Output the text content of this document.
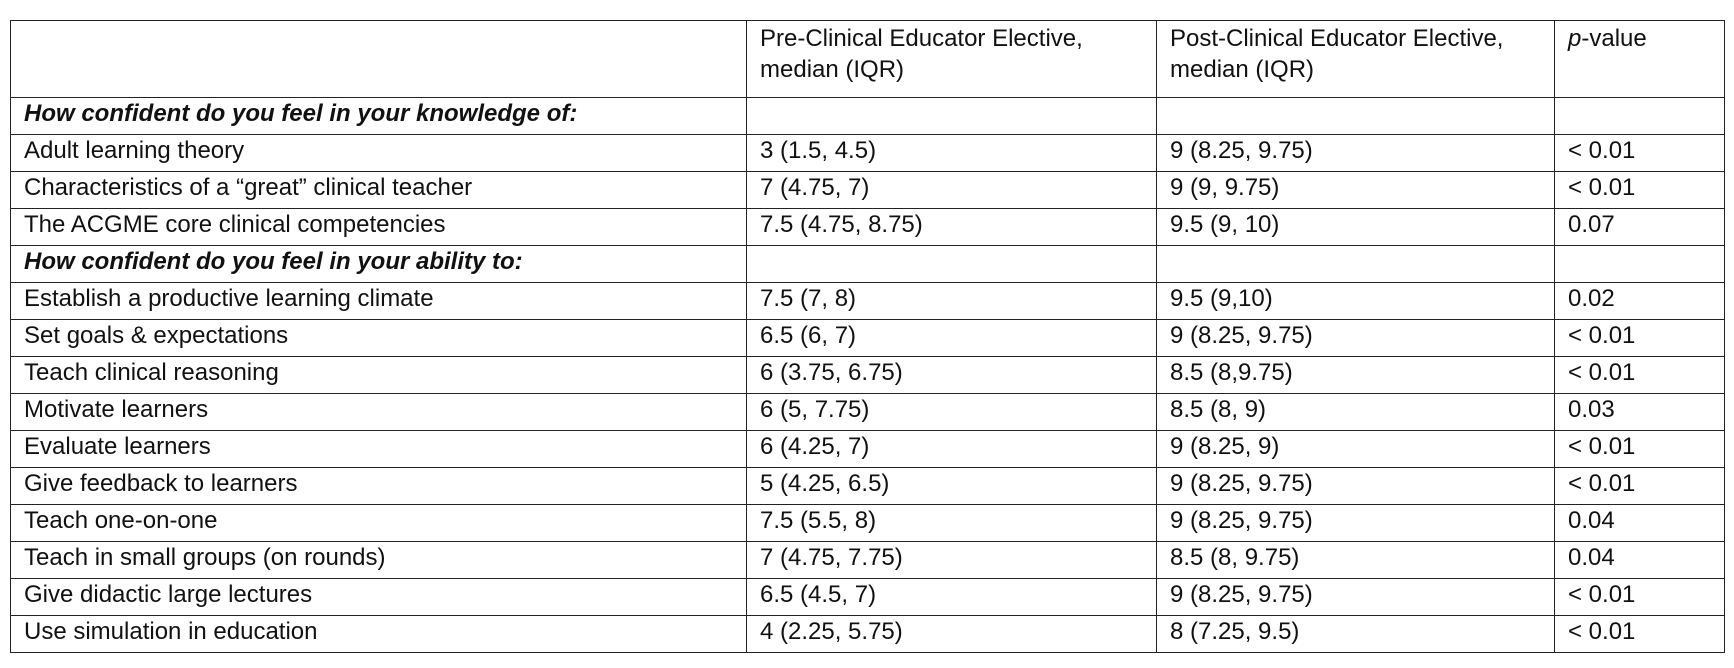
	Pre-Clinical Educator Elective, median (IQR)	Post-Clinical Educator Elective, median (IQR)	p-value
How confident do you feel in your knowledge of:			
Adult learning theory	3 (1.5, 4.5)	9 (8.25, 9.75)	< 0.01
Characteristics of a “great” clinical teacher	7 (4.75, 7)	9 (9, 9.75)	< 0.01
The ACGME core clinical competencies	7.5 (4.75, 8.75)	9.5 (9, 10)	0.07
How confident do you feel in your ability to:			
Establish a productive learning climate	7.5 (7, 8)	9.5 (9,10)	0.02
Set goals & expectations	6.5 (6, 7)	9 (8.25, 9.75)	< 0.01
Teach clinical reasoning	6 (3.75, 6.75)	8.5 (8,9.75)	< 0.01
Motivate learners	6 (5, 7.75)	8.5 (8, 9)	0.03
Evaluate learners	6 (4.25, 7)	9 (8.25, 9)	< 0.01
Give feedback to learners	5 (4.25, 6.5)	9 (8.25, 9.75)	< 0.01
Teach one-on-one	7.5 (5.5, 8)	9 (8.25, 9.75)	0.04
Teach in small groups (on rounds)	7 (4.75, 7.75)	8.5 (8, 9.75)	0.04
Give didactic large lectures	6.5 (4.5, 7)	9 (8.25, 9.75)	< 0.01
Use simulation in education	4 (2.25, 5.75)	8 (7.25, 9.5)	< 0.01
